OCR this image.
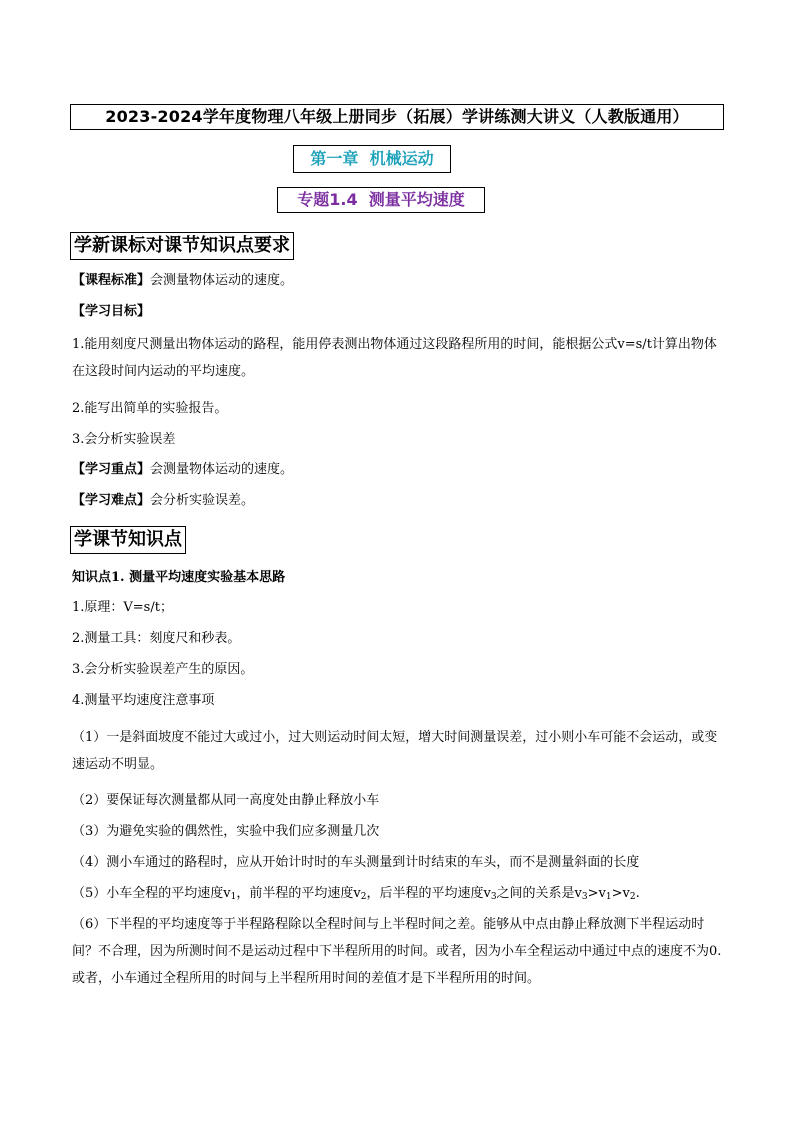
2023-2024学年度物理八年级上册同步（拓展）学讲练测大讲义（人教版通用）
第一章  机械运动
专题1.4  测量平均速度
学新课标对课节知识点要求
【课程标准】会测量物体运动的速度。
【学习目标】
1.能用刻度尺测量出物体运动的路程，能用停表测出物体通过这段路程所用的时间，能根据公式v=s/t计算出物体在这段时间内运动的平均速度。
2.能写出简单的实验报告。
3.会分析实验误差
【学习重点】会测量物体运动的速度。
【学习难点】会分析实验误差。
学课节知识点
知识点1. 测量平均速度实验基本思路
1.原理：V=s/t；
2.测量工具：刻度尺和秒表。
3.会分析实验误差产生的原因。
4.测量平均速度注意事项
（1）一是斜面坡度不能过大或过小，过大则运动时间太短，增大时间测量误差，过小则小车可能不会运动，或变速运动不明显。
（2）要保证每次测量都从同一高度处由静止释放小车
（3）为避免实验的偶然性，实验中我们应多测量几次
（4）测小车通过的路程时，应从开始计时时的车头测量到计时结束的车头，而不是测量斜面的长度
（5）小车全程的平均速度$v_1$，前半程的平均速度$v_2$，后半程的平均速度$v_3$之间的关系是$v_3>v_1>v_2$.
（6）下半程的平均速度等于半程路程除以全程时间与上半程时间之差。能够从中点由静止释放测下半程运动时间？不合理，因为所测时间不是运动过程中下半程所用的时间。或者，因为小车全程运动中通过中点的速度不为0.或者，小车通过全程所用的时间与上半程所用时间的差值才是下半程所用的时间。
